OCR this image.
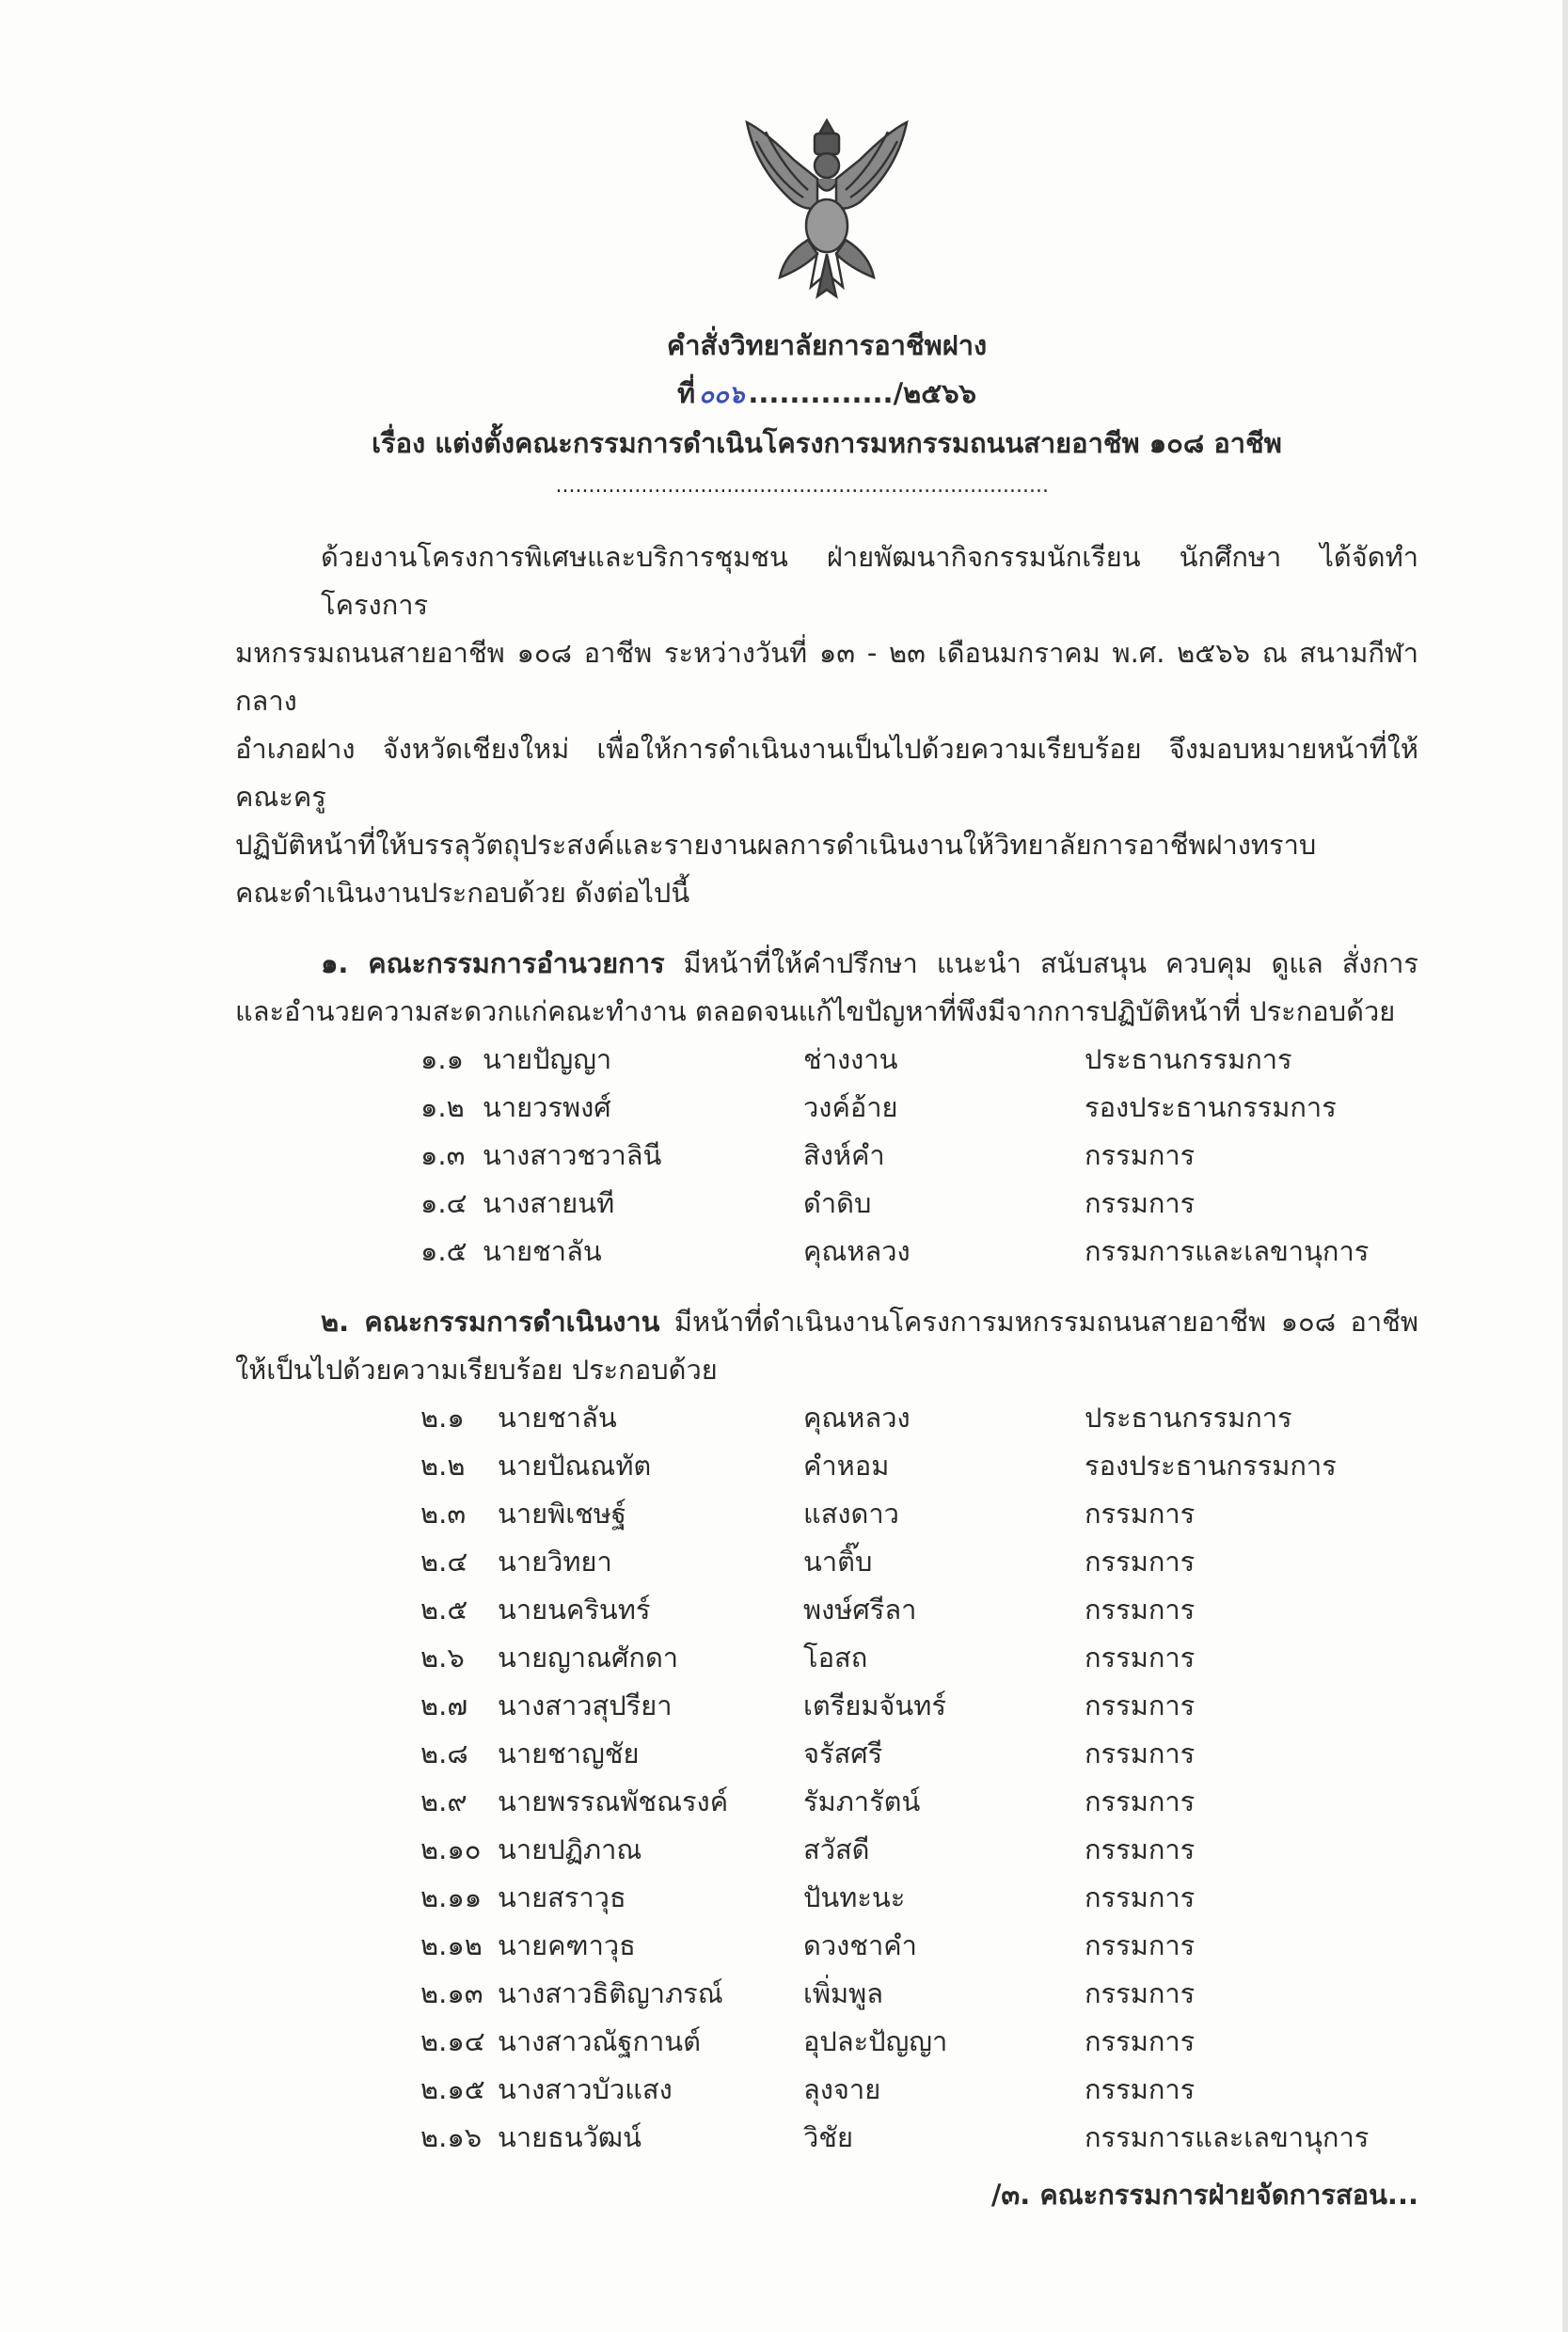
คำสั่งวิทยาลัยการอาชีพฝาง
ที่ ๐๐๖ ............../๒๕๖๖
เรื่อง แต่งตั้งคณะกรรมการดำเนินโครงการมหกรรมถนนสายอาชีพ ๑๐๘ อาชีพ
...........................................................................
ด้วยงานโครงการพิเศษและบริการชุมชน ฝ่ายพัฒนากิจกรรมนักเรียน นักศึกษา ได้จัดทำโครงการ
มหกรรมถนนสายอาชีพ ๑๐๘ อาชีพ ระหว่างวันที่ ๑๓ - ๒๓ เดือนมกราคม พ.ศ. ๒๕๖๖ ณ สนามกีฬากลาง
อำเภอฝาง จังหวัดเชียงใหม่ เพื่อให้การดำเนินงานเป็นไปด้วยความเรียบร้อย จึงมอบหมายหน้าที่ให้คณะครู
ปฏิบัติหน้าที่ให้บรรลุวัตถุประสงค์และรายงานผลการดำเนินงานให้วิทยาลัยการอาชีพฝางทราบ
คณะดำเนินงานประกอบด้วย ดังต่อไปนี้
๑. คณะกรรมการอำนวยการ มีหน้าที่ให้คำปรึกษา แนะนำ สนับสนุน ควบคุม ดูแล สั่งการ
และอำนวยความสะดวกแก่คณะทำงาน ตลอดจนแก้ไขปัญหาที่พึงมีจากการปฏิบัติหน้าที่ ประกอบด้วย
๑.๑ นายปัญญา	ช่างงาน	ประธานกรรมการ
๑.๒ นายวรพงศ์	วงค์อ้าย	รองประธานกรรมการ
๑.๓ นางสาวชวาลินี	สิงห์คำ	กรรมการ
๑.๔ นางสายนที	ดำดิบ	กรรมการ
๑.๕ นายชาลัน	คุณหลวง	กรรมการและเลขานุการ
๒. คณะกรรมการดำเนินงาน มีหน้าที่ดำเนินงานโครงการมหกรรมถนนสายอาชีพ ๑๐๘ อาชีพ
ให้เป็นไปด้วยความเรียบร้อย ประกอบด้วย
๒.๑	นายชาลัน	คุณหลวง	ประธานกรรมการ
๒.๒	นายปัณณทัต	คำหอม	รองประธานกรรมการ
๒.๓	นายพิเชษฐ์	แสงดาว	กรรมการ
๒.๔	นายวิทยา	นาติ๊บ	กรรมการ
๒.๕	นายนครินทร์	พงษ์ศรีลา	กรรมการ
๒.๖	นายญาณศักดา	โอสถ	กรรมการ
๒.๗	นางสาวสุปรียา	เตรียมจันทร์	กรรมการ
๒.๘	นายชาญชัย	จรัสศรี	กรรมการ
๒.๙	นายพรรณพัชณรงค์	รัมภารัตน์	กรรมการ
๒.๑๐ นายปฏิภาณ	สวัสดี	กรรมการ
๒.๑๑ นายสราวุธ	ปันทะนะ	กรรมการ
๒.๑๒ นายคฑาวุธ	ดวงชาคำ	กรรมการ
๒.๑๓ นางสาวธิติญาภรณ์	เพิ่มพูล	กรรมการ
๒.๑๔ นางสาวณัฐกานต์	อุปละปัญญา	กรรมการ
๒.๑๕ นางสาวบัวแสง	ลุงจาย	กรรมการ
๒.๑๖ นายธนวัฒน์	วิชัย	กรรมการและเลขานุการ
/๓. คณะกรรมการฝ่ายจัดการสอน...
